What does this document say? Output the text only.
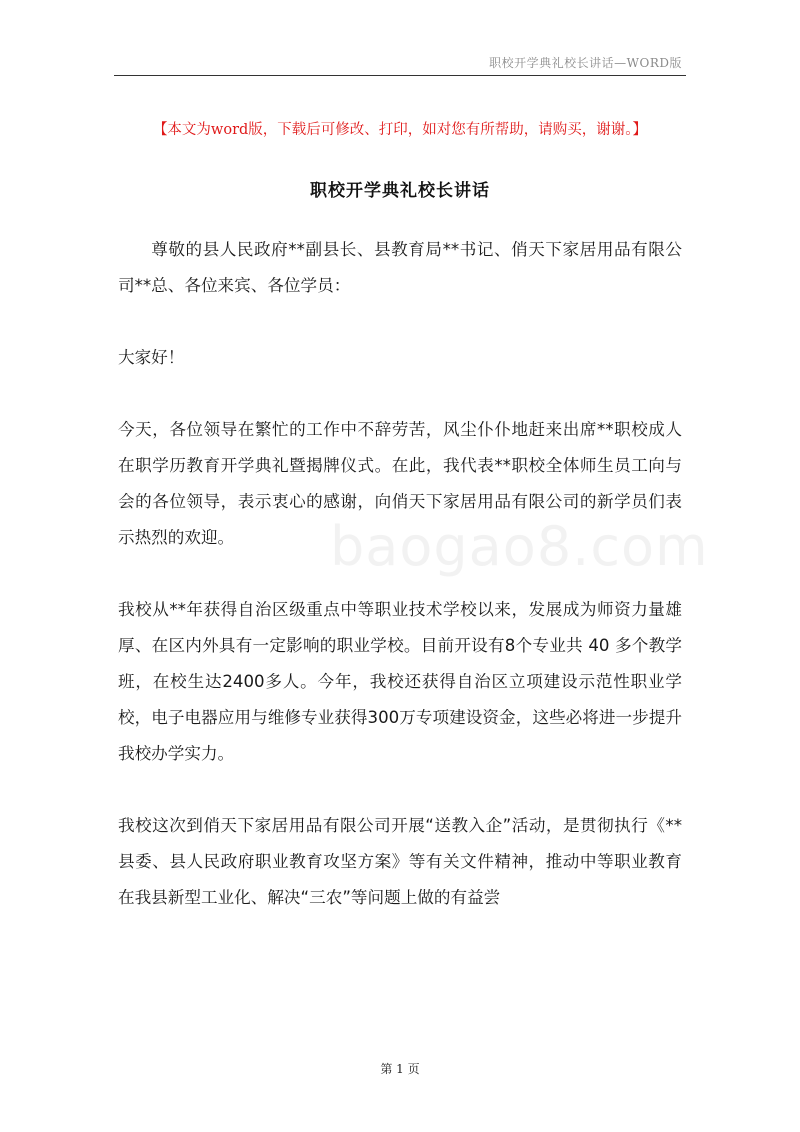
职校开学典礼校长讲话—WORD版
【本文为word版，下载后可修改、打印，如对您有所帮助，请购买，谢谢。】
职校开学典礼校长讲话

尊敬的县人民政府**副县长、县教育局**书记、俏天下家居用品有限公司**总、各位来宾、各位学员：

大家好！

今天，各位领导在繁忙的工作中不辞劳苦，风尘仆仆地赶来出席**职校成人在职学历教育开学典礼暨揭牌仪式。在此，我代表**职校全体师生员工向与会的各位领导，表示衷心的感谢，向俏天下家居用品有限公司的新学员们表示热烈的欢迎。

我校从**年获得自治区级重点中等职业技术学校以来，发展成为师资力量雄厚、在区内外具有一定影响的职业学校。目前开设有8个专业共 40 多个教学班，在校生达2400多人。今年，我校还获得自治区立项建设示范性职业学校，电子电器应用与维修专业获得300万专项建设资金，这些必将进一步提升我校办学实力。

我校这次到俏天下家居用品有限公司开展“送教入企”活动，是贯彻执行《**县委、县人民政府职业教育攻坚方案》等有关文件精神，推动中等职业教育在我县新型工业化、解决“三农”等问题上做的有益尝

baogao8.com
第 1 页
